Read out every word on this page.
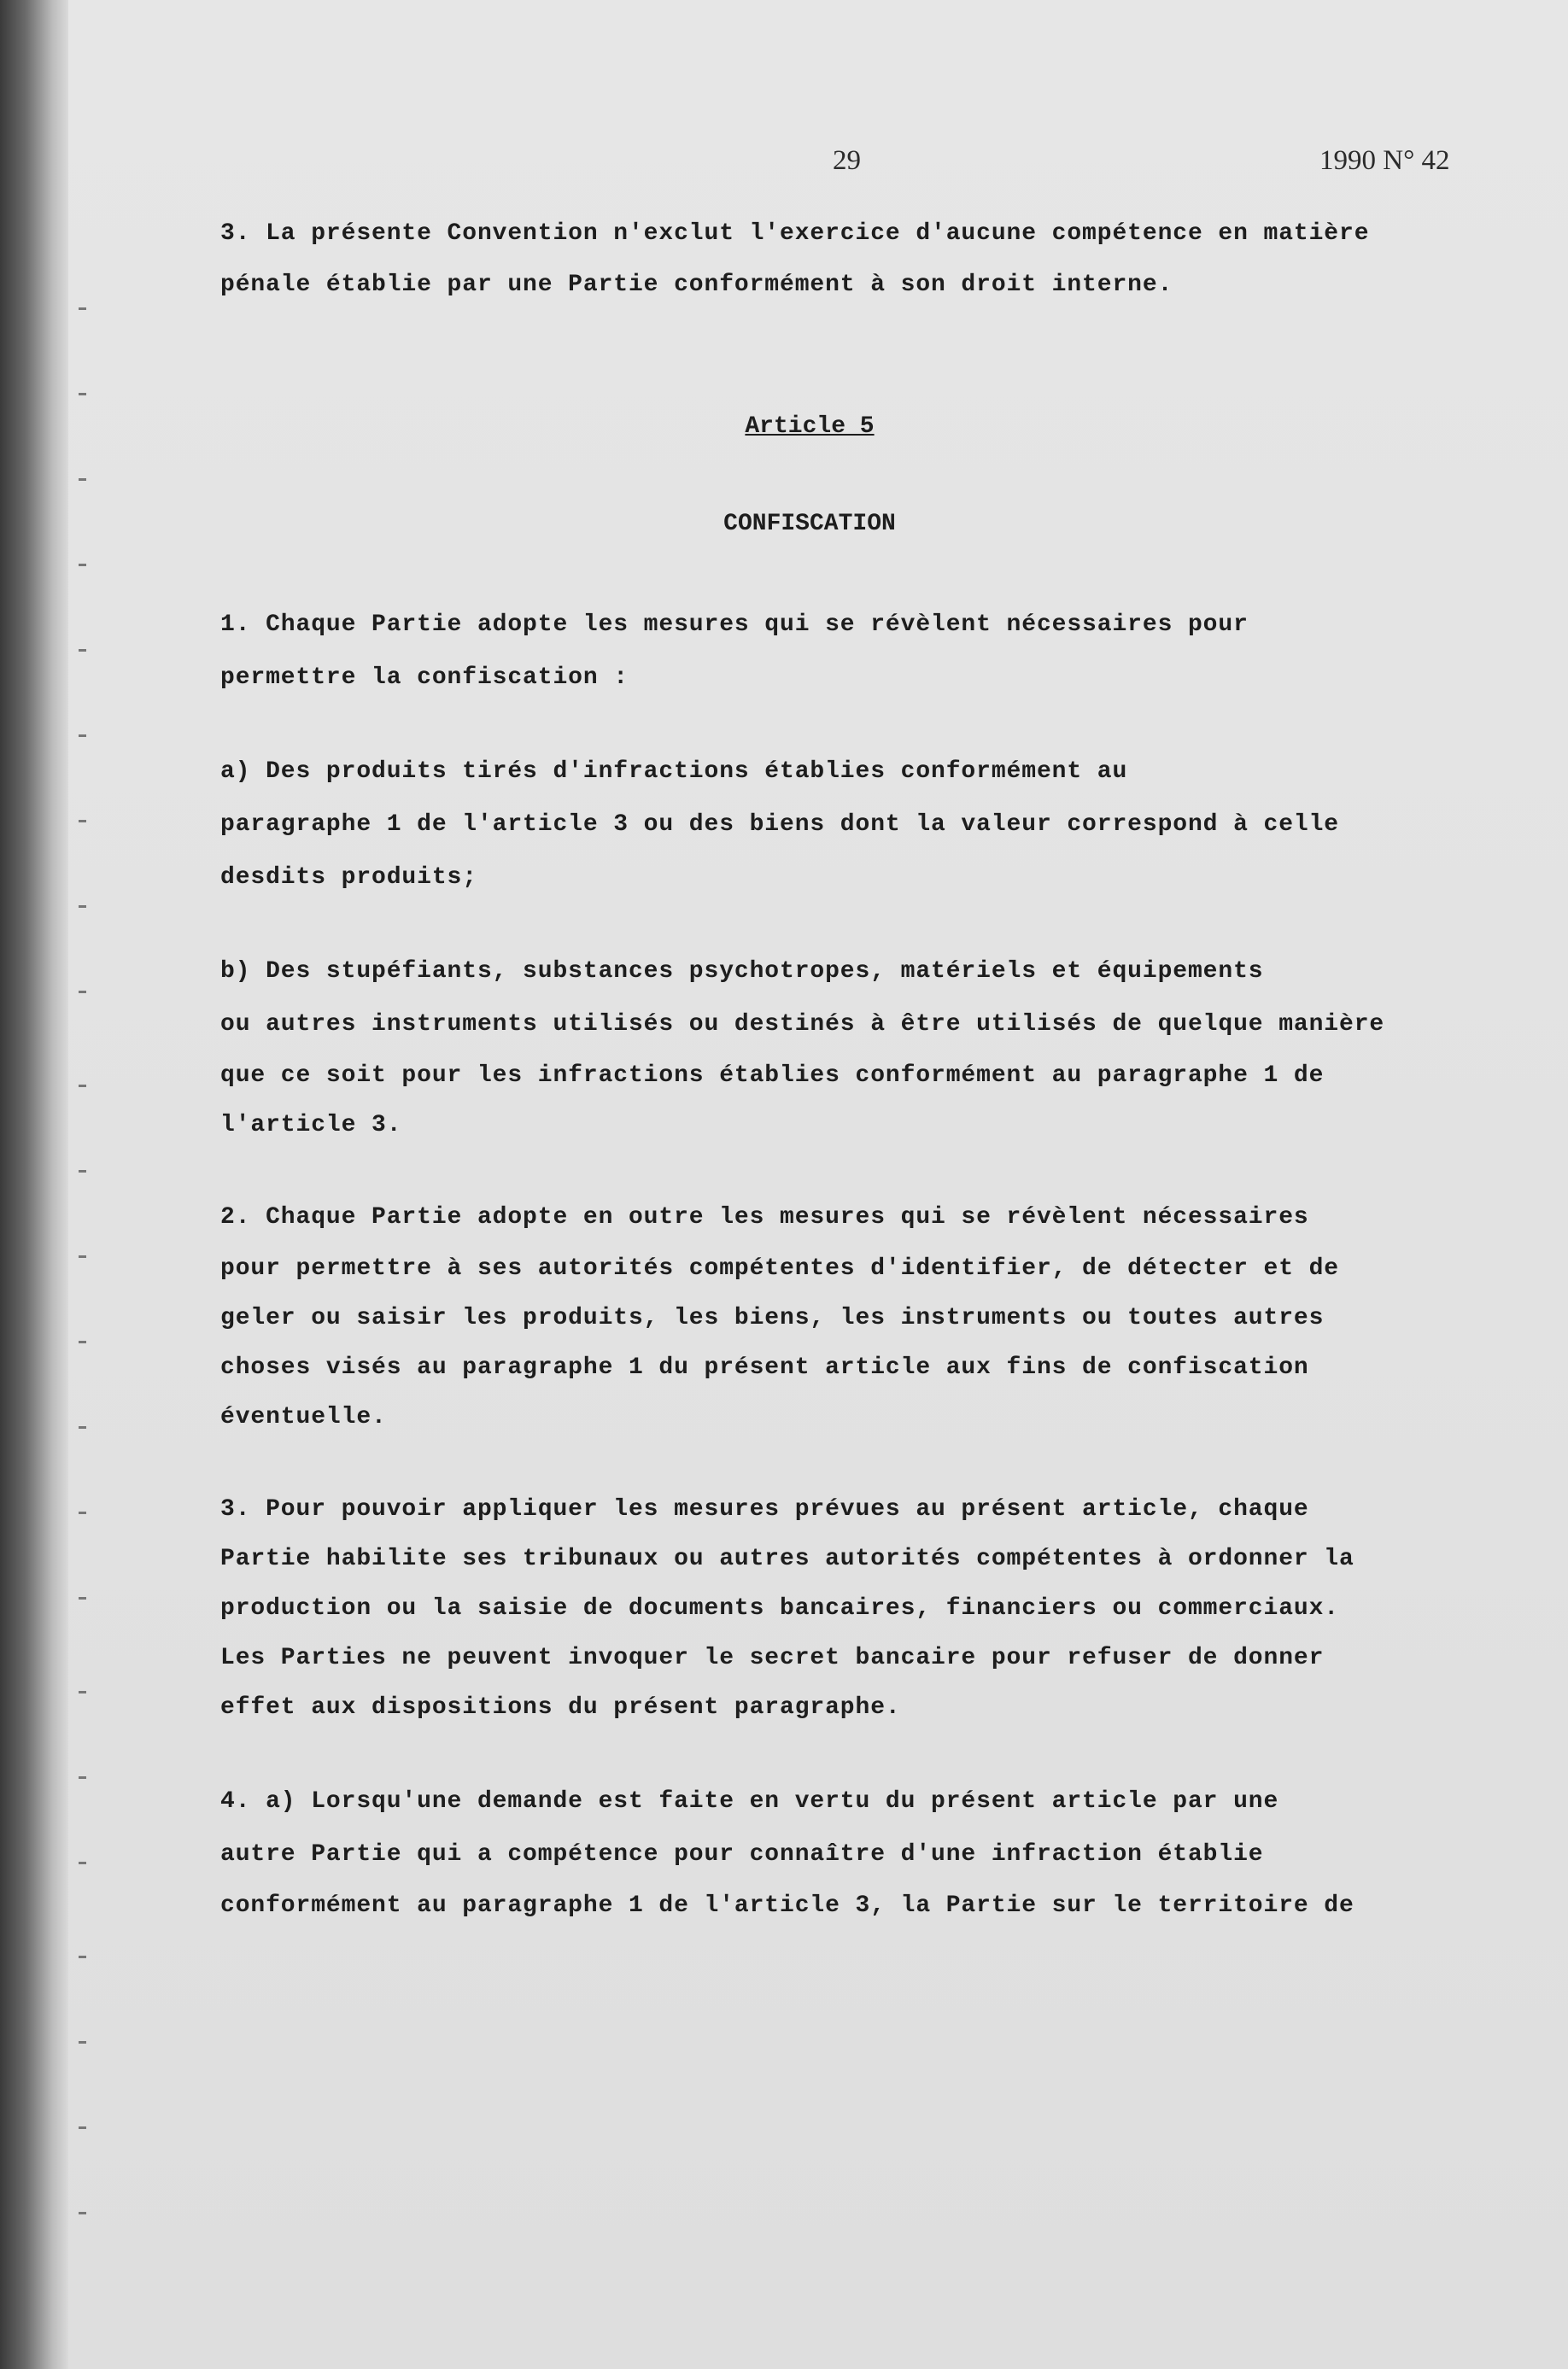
29	1990 N° 42
3. La présente Convention n'exclut l'exercice d'aucune compétence en matière
pénale établie par une Partie conformément à son droit interne.
Article 5
CONFISCATION
1. Chaque Partie adopte les mesures qui se révèlent nécessaires pour
permettre la confiscation :
a) Des produits tirés d'infractions établies conformément au
paragraphe 1 de l'article 3 ou des biens dont la valeur correspond à celle
desdits produits;
b) Des stupéfiants, substances psychotropes, matériels et équipements
ou autres instruments utilisés ou destinés à être utilisés de quelque manière
que ce soit pour les infractions établies conformément au paragraphe 1 de
l'article 3.
2. Chaque Partie adopte en outre les mesures qui se révèlent nécessaires
pour permettre à ses autorités compétentes d'identifier, de détecter et de
geler ou saisir les produits, les biens, les instruments ou toutes autres
choses visés au paragraphe 1 du présent article aux fins de confiscation
éventuelle.
3. Pour pouvoir appliquer les mesures prévues au présent article, chaque
Partie habilite ses tribunaux ou autres autorités compétentes à ordonner la
production ou la saisie de documents bancaires, financiers ou commerciaux.
Les Parties ne peuvent invoquer le secret bancaire pour refuser de donner
effet aux dispositions du présent paragraphe.
4. a) Lorsqu'une demande est faite en vertu du présent article par une
autre Partie qui a compétence pour connaître d'une infraction établie
conformément au paragraphe 1 de l'article 3, la Partie sur le territoire de
